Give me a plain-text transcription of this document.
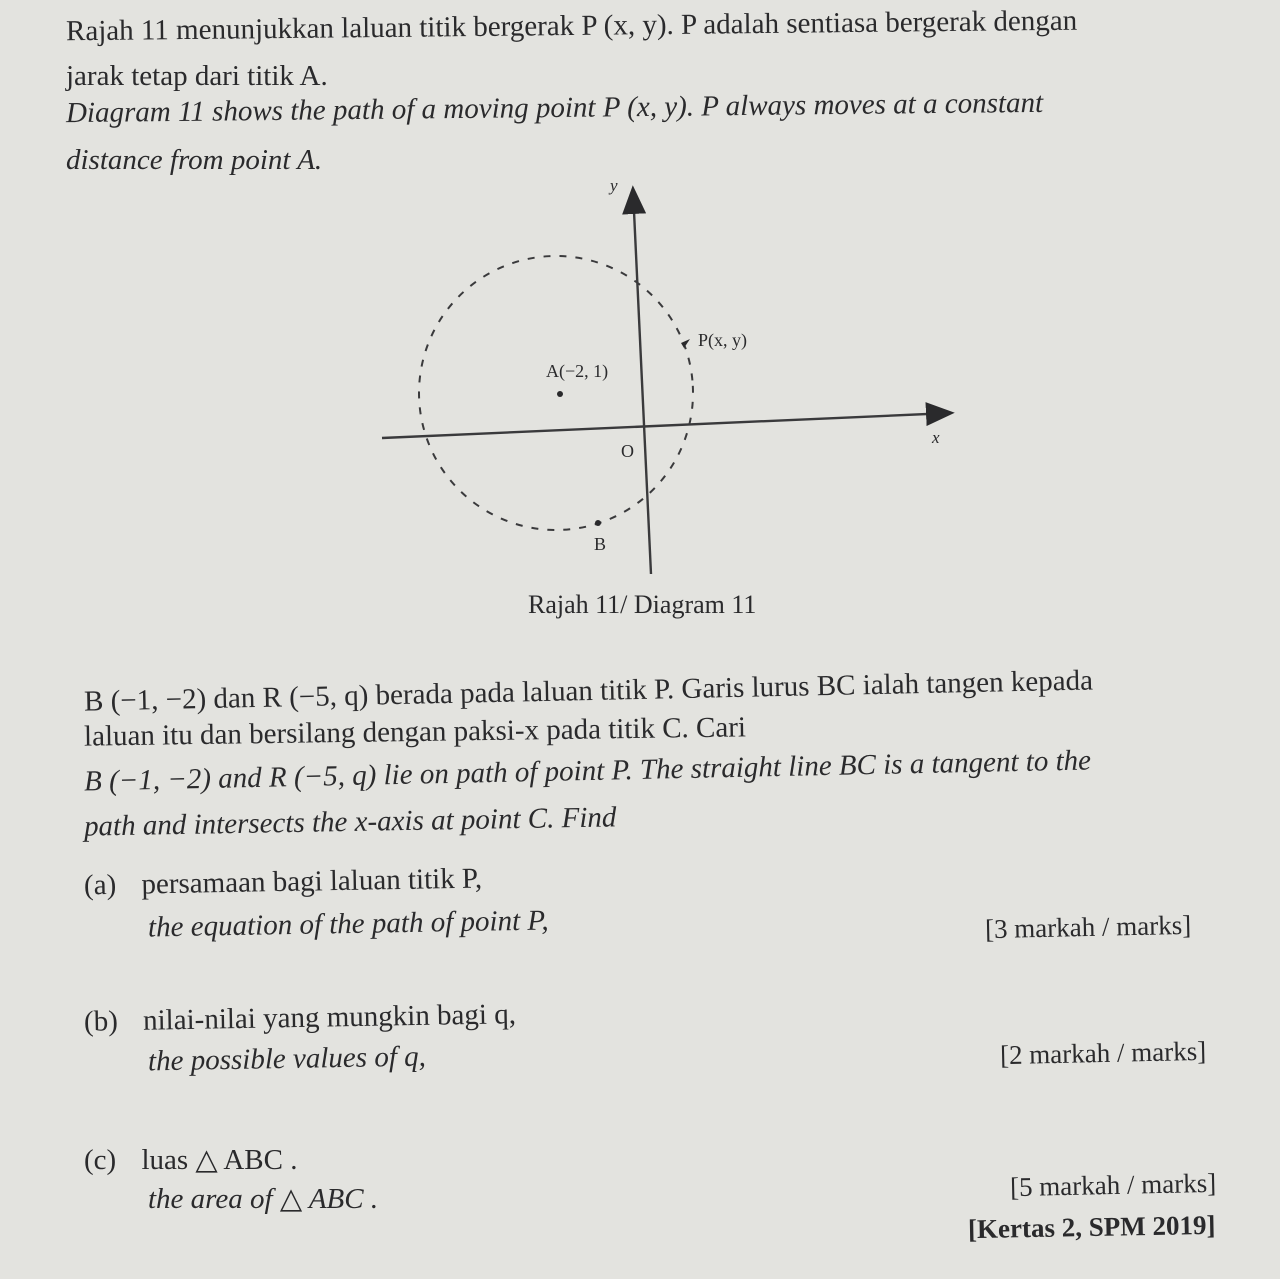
Rajah 11 menunjukkan laluan titik bergerak P (x, y). P adalah sentiasa bergerak dengan
jarak tetap dari titik A.
Diagram 11 shows the path of a moving point P (x, y). P always moves at a constant
distance from point A.
y
x
O
A(−2, 1)
P(x, y)
B
Rajah 11/ Diagram 11
B (−1, −2) dan R (−5, q) berada pada laluan titik P. Garis lurus BC ialah tangen kepada
laluan itu dan bersilang dengan paksi-x pada titik C. Cari
B (−1, −2) and R (−5, q) lie on path of point P. The straight line BC is a tangent to the
path and intersects the x-axis at point C. Find
(a) persamaan bagi laluan titik P,
the equation of the path of point P,	[3 markah / marks]
(b) nilai-nilai yang mungkin bagi q,
the possible values of q,	[2 markah / marks]
(c) luas △ ABC .
the area of △ ABC .	[5 markah / marks]
[Kertas 2, SPM 2019]
